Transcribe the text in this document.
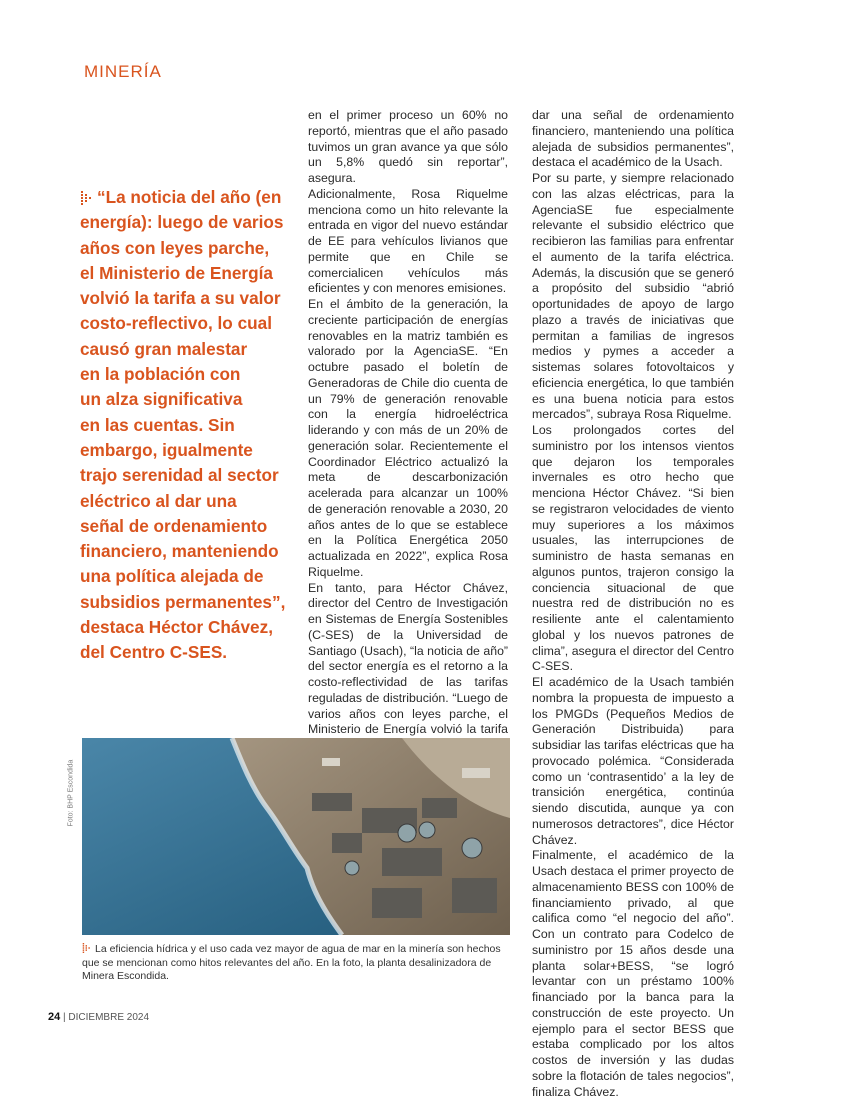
MINERÍA
“La noticia del año (en
energía): luego de varios
años con leyes parche,
el Ministerio de Energía
volvió la tarifa a su valor
costo-reflectivo, lo cual
causó gran malestar
en la población con
un alza significativa
en las cuentas. Sin
embargo, igualmente
trajo serenidad al sector
eléctrico al dar una
señal de ordenamiento
financiero, manteniendo
una política alejada de
subsidios permanentes”,
destaca Héctor Chávez,
del Centro C-SES.

en el primer proceso un 60% no reportó, mientras que el año pasado tuvimos un gran avance ya que sólo un 5,8% quedó sin reportar”, asegura.

Adicionalmente, Rosa Riquelme menciona como un hito relevante la entrada en vigor del nuevo estándar de EE para vehículos livianos que permite que en Chile se comercialicen vehículos más eficientes y con menores emisiones.

En el ámbito de la generación, la creciente participación de energías renovables en la matriz también es valorado por la AgenciaSE. “En octubre pasado el boletín de Generadoras de Chile dio cuenta de un 79% de generación renovable con la energía hidroeléctrica liderando y con más de un 20% de generación solar. Recientemente el Coordinador Eléctrico actualizó la meta de descarbonización acelerada para alcanzar un 100% de generación renovable a 2030, 20 años antes de lo que se establece en la Política Energética 2050 actualizada en 2022”, explica Rosa Riquelme.

En tanto, para Héctor Chávez, director del Centro de Investigación en Sistemas de Energía Sostenibles (C-SES) de la Universidad de Santiago (Usach), “la noticia de año” del sector energía es el retorno a la costo-reflectividad de las tarifas reguladas de distribución. “Luego de varios años con leyes parche, el Ministerio de Energía volvió la tarifa

dar una señal de ordenamiento financiero, manteniendo una política alejada de subsidios permanentes”, destaca el académico de la Usach.

Por su parte, y siempre relacionado con las alzas eléctricas, para la AgenciaSE fue especialmente relevante el subsidio eléctrico que recibieron las familias para enfrentar el aumento de la tarifa eléctrica. Además, la discusión que se generó a propósito del subsidio “abrió oportunidades de apoyo de largo plazo a través de iniciativas que permitan a familias de ingresos medios y pymes a acceder a sistemas solares fotovoltaicos y eficiencia energética, lo que también es una buena noticia para estos mercados”, subraya Rosa Riquelme.

Los prolongados cortes del suministro por los intensos vientos que dejaron los temporales invernales es otro hecho que menciona Héctor Chávez. “Si bien se registraron velocidades de viento muy superiores a los máximos usuales, las interrupciones de suministro de hasta semanas en algunos puntos, trajeron consigo la conciencia situacional de que nuestra red de distribución no es resiliente ante el calentamiento global y los nuevos patrones de clima”, asegura el director del Centro C-SES.

El académico de la Usach también nombra la propuesta de impuesto a los PMGDs (Pequeños Medios de Generación Distribuida) para subsidiar las tarifas eléctricas que ha provocado polémica. “Considerada como un ‘contrasentido’ a la ley de transición energética, continúa siendo discutida, aunque ya con numerosos detractores”, dice Héctor Chávez.

Finalmente, el académico de la Usach destaca el primer proyecto de almacenamiento BESS con 100% de financiamiento privado, al que califica como “el negocio del año”. Con un contrato para Codelco de suministro por 15 años desde una planta solar+BESS, “se logró levantar con un préstamo 100% financiado por la banca para la construcción de este proyecto. Un ejemplo para el sector BESS que estaba complicado por los altos costos de inversión y las dudas sobre la flotación de tales negocios”, finaliza Chávez.

Foto: BHP Escondida
La eficiencia hídrica y el uso cada vez mayor de agua de mar en la minería son hechos que se mencionan como hitos relevantes del año. En la foto, la planta desalinizadora de Minera Escondida.
24 | DICIEMBRE 2024
